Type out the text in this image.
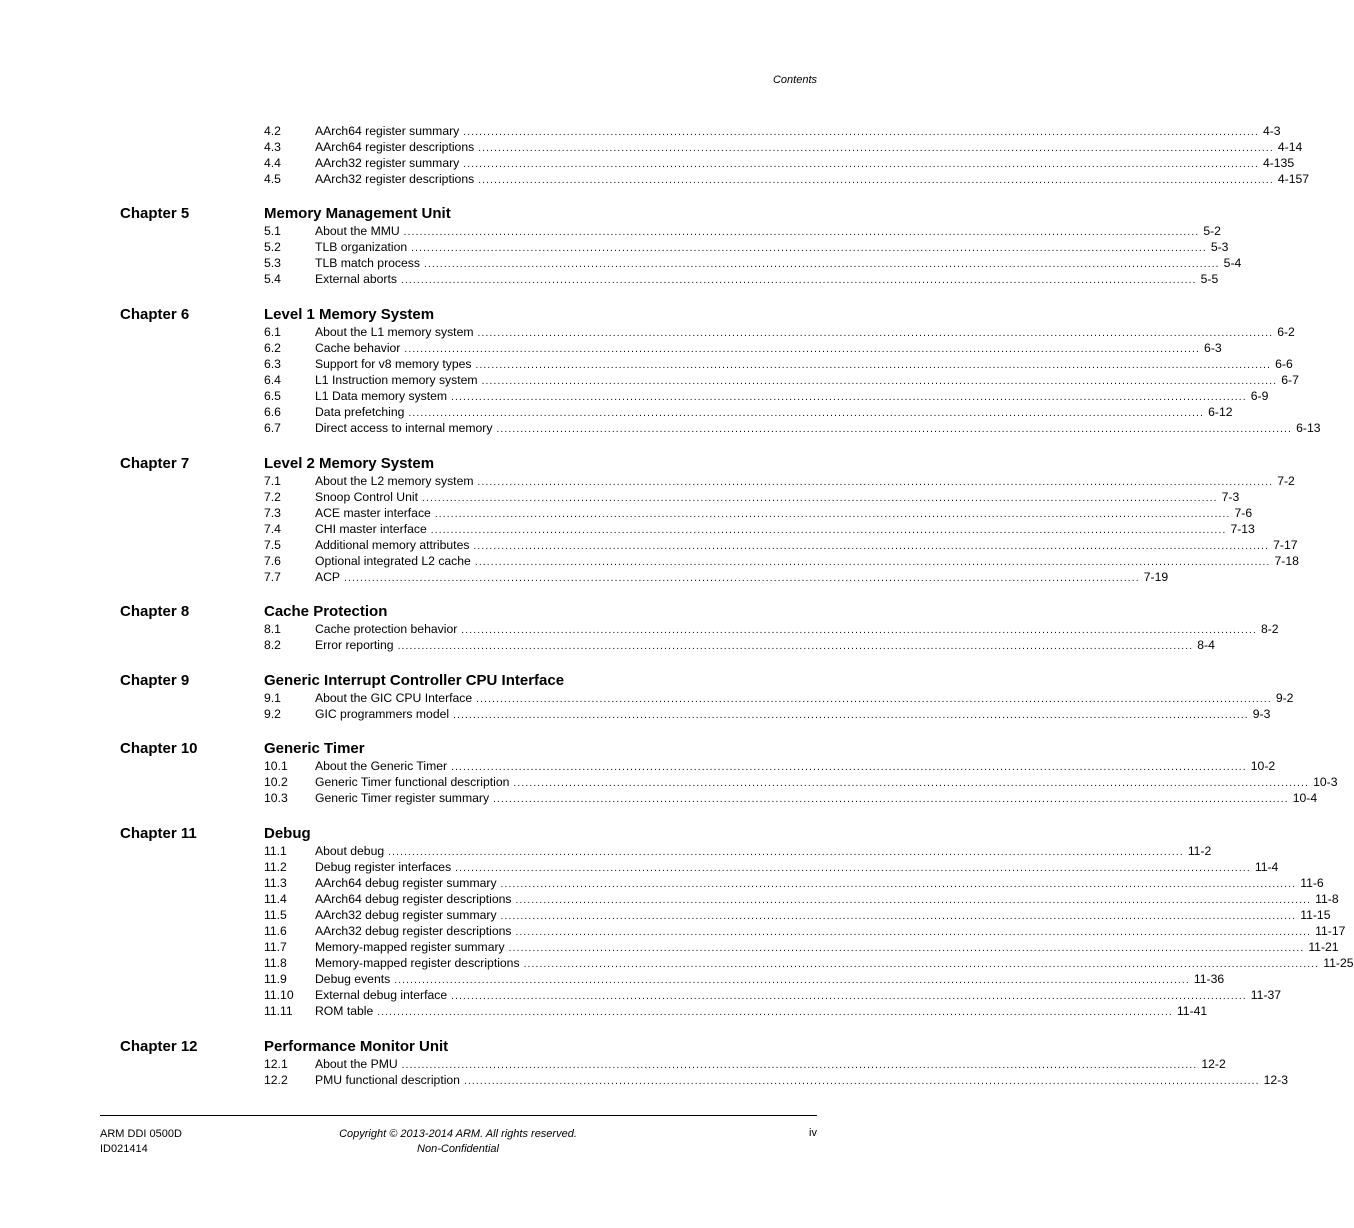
Contents
4.2	AArch64 register summary ........................................................................................................................................................................................................ 4-3
4.3	AArch64 register descriptions ........................................................................................................................................................................................................ 4-14
4.4	AArch32 register summary ........................................................................................................................................................................................................ 4-135
4.5	AArch32 register descriptions ........................................................................................................................................................................................................ 4-157
Chapter 5	Memory Management Unit
5.1	About the MMU ........................................................................................................................................................................................................ 5-2
5.2	TLB organization ........................................................................................................................................................................................................ 5-3
5.3	TLB match process ........................................................................................................................................................................................................ 5-4
5.4	External aborts ........................................................................................................................................................................................................ 5-5
Chapter 6	Level 1 Memory System
6.1	About the L1 memory system ........................................................................................................................................................................................................ 6-2
6.2	Cache behavior ........................................................................................................................................................................................................ 6-3
6.3	Support for v8 memory types ........................................................................................................................................................................................................ 6-6
6.4	L1 Instruction memory system ........................................................................................................................................................................................................ 6-7
6.5	L1 Data memory system ........................................................................................................................................................................................................ 6-9
6.6	Data prefetching ........................................................................................................................................................................................................ 6-12
6.7	Direct access to internal memory ........................................................................................................................................................................................................ 6-13
Chapter 7	Level 2 Memory System
7.1	About the L2 memory system ........................................................................................................................................................................................................ 7-2
7.2	Snoop Control Unit ........................................................................................................................................................................................................ 7-3
7.3	ACE master interface ........................................................................................................................................................................................................ 7-6
7.4	CHI master interface ........................................................................................................................................................................................................ 7-13
7.5	Additional memory attributes ........................................................................................................................................................................................................ 7-17
7.6	Optional integrated L2 cache ........................................................................................................................................................................................................ 7-18
7.7	ACP ........................................................................................................................................................................................................ 7-19
Chapter 8	Cache Protection
8.1	Cache protection behavior ........................................................................................................................................................................................................ 8-2
8.2	Error reporting ........................................................................................................................................................................................................ 8-4
Chapter 9	Generic Interrupt Controller CPU Interface
9.1	About the GIC CPU Interface ........................................................................................................................................................................................................ 9-2
9.2	GIC programmers model ........................................................................................................................................................................................................ 9-3
Chapter 10	Generic Timer
10.1	About the Generic Timer ........................................................................................................................................................................................................ 10-2
10.2	Generic Timer functional description ........................................................................................................................................................................................................ 10-3
10.3	Generic Timer register summary ........................................................................................................................................................................................................ 10-4
Chapter 11	Debug
11.1	About debug ........................................................................................................................................................................................................ 11-2
11.2	Debug register interfaces ........................................................................................................................................................................................................ 11-4
11.3	AArch64 debug register summary ........................................................................................................................................................................................................ 11-6
11.4	AArch64 debug register descriptions ........................................................................................................................................................................................................ 11-8
11.5	AArch32 debug register summary ........................................................................................................................................................................................................ 11-15
11.6	AArch32 debug register descriptions ........................................................................................................................................................................................................ 11-17
11.7	Memory-mapped register summary ........................................................................................................................................................................................................ 11-21
11.8	Memory-mapped register descriptions ........................................................................................................................................................................................................ 11-25
11.9	Debug events ........................................................................................................................................................................................................ 11-36
11.10	External debug interface ........................................................................................................................................................................................................ 11-37
11.11	ROM table ........................................................................................................................................................................................................ 11-41
Chapter 12	Performance Monitor Unit
12.1	About the PMU ........................................................................................................................................................................................................ 12-2
12.2	PMU functional description ........................................................................................................................................................................................................ 12-3
ARM DDI 0500D
ID021414
Copyright © 2013-2014 ARM. All rights reserved.
Non-Confidential
iv
